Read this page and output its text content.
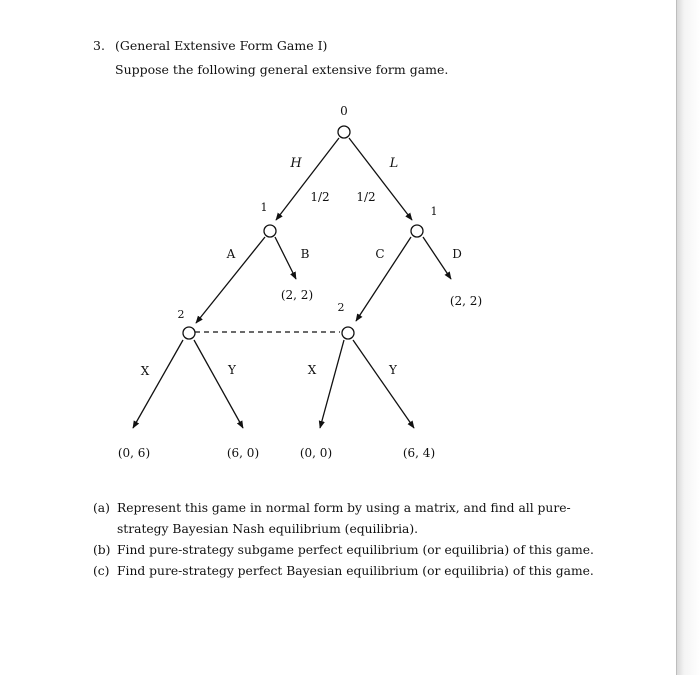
3. (General Extensive Form Game I)
Suppose the following general extensive form game.
0
H	L
1/2 1/2
1	1
A	B	C	D
(2, 2)	(2, 2)
2
2
X	Y	X	Y
(0, 6)	(6, 0)	(0, 0)	(6, 4)
(a) Represent this game in normal form by using a matrix, and find all pure-strategy Bayesian Nash equilibrium (equilibria).
(b) Find pure-strategy subgame perfect equilibrium (or equilibria) of this game.
(c) Find pure-strategy perfect Bayesian equilibrium (or equilibria) of this game.
